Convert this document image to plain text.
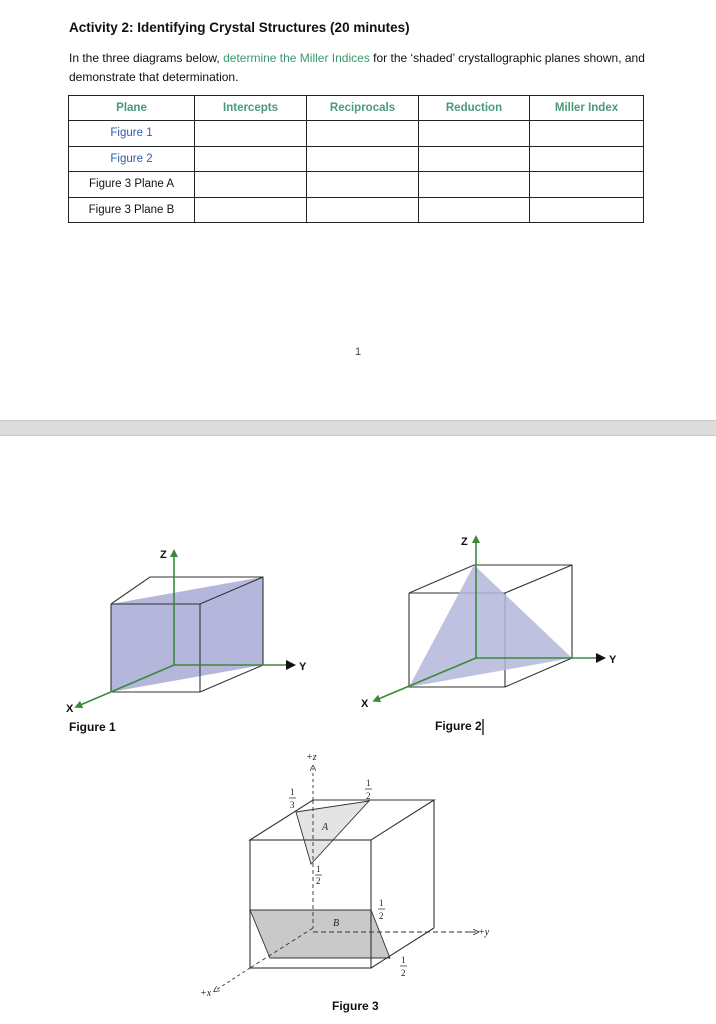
Activity 2: Identifying Crystal Structures (20 minutes)
In the three diagrams below, determine the Miller Indices for the ‘shaded’ crystallographic planes shown, and demonstrate that determination.
Plane	Intercepts	Reciprocals	Reduction	Miller Index
Figure 1				
Figure 2				
Figure 3 Plane A				
Figure 3 Plane B				
1
Z
Y
X
Figure 1
Z
Y
X
Figure 2
+z
+y
+x
A
B
1
3
1
2
1
2
1
2
1
2
Figure 3
